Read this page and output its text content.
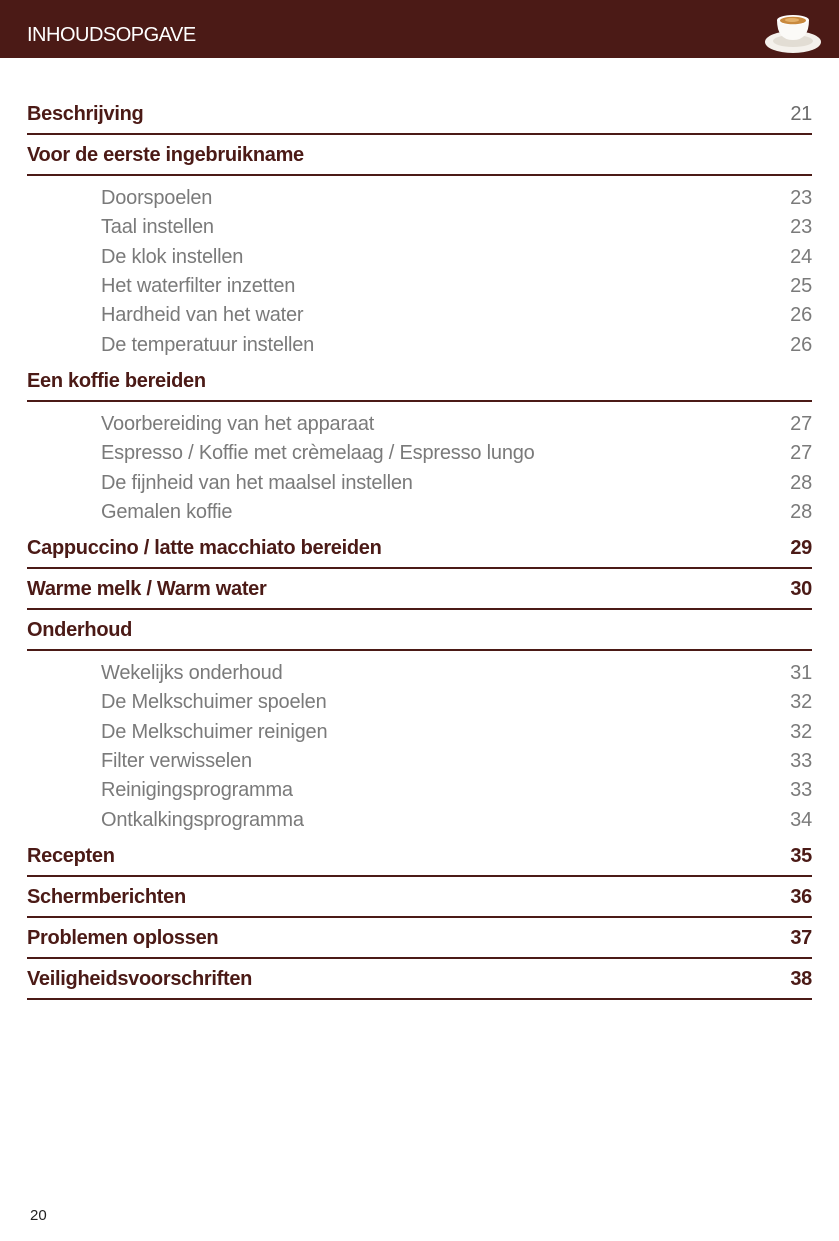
INHOUDSOPGAVE
Beschrijving	21
Voor de eerste ingebruikname
Doorspoelen	23
Taal instellen	23
De klok instellen	24
Het waterfilter inzetten	25
Hardheid van het water	26
De temperatuur instellen	26
Een koffie bereiden
Voorbereiding van het apparaat	27
Espresso / Koffie met crèmelaag / Espresso lungo	27
De fijnheid van het maalsel instellen	28
Gemalen koffie	28
Cappuccino / latte macchiato bereiden	29
Warme melk / Warm water	30
Onderhoud
Wekelijks onderhoud	31
De Melkschuimer spoelen	32
De Melkschuimer reinigen	32
Filter verwisselen	33
Reinigingsprogramma	33
Ontkalkingsprogramma	34
Recepten	35
Schermberichten	36
Problemen oplossen	37
Veiligheidsvoorschriften	38
20
